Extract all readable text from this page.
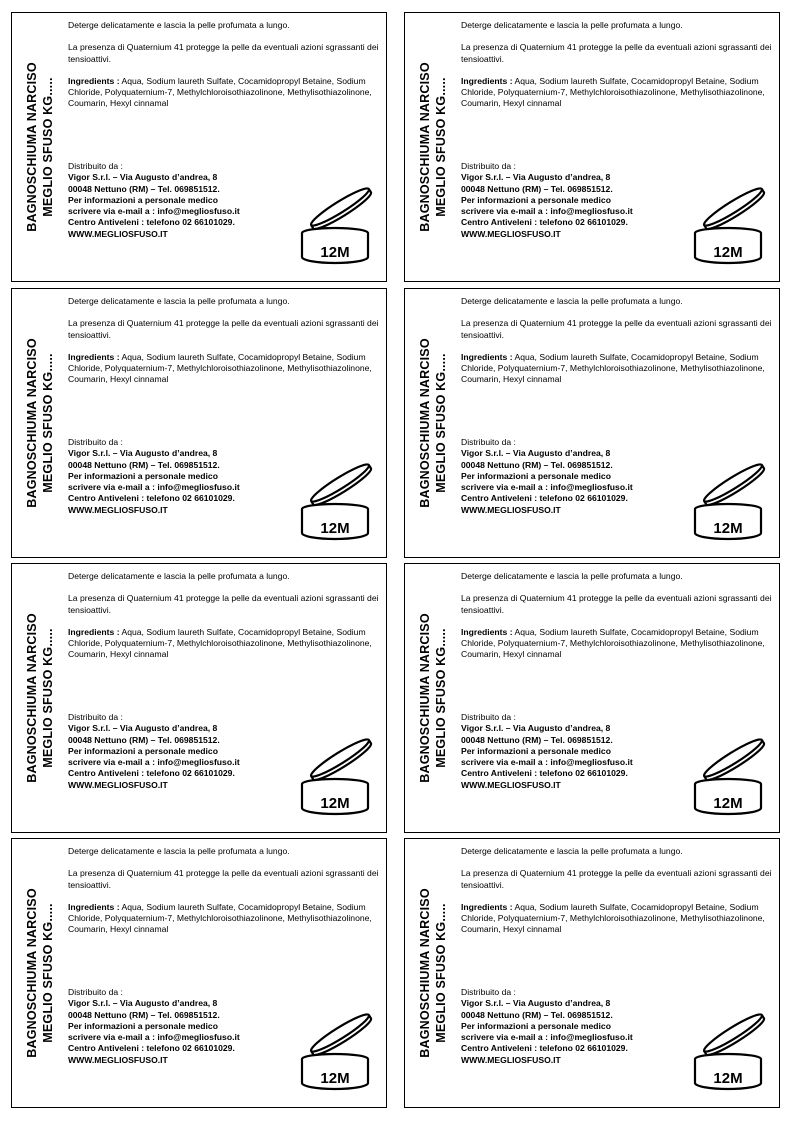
BAGNOSCHIUMA NARCISO MEGLIO SFUSO KG.....

Deterge delicatamente e lascia la pelle profumata a lungo.

La presenza di Quaternium 41 protegge la pelle da eventuali azioni sgrassanti dei tensioattivi.

Ingredients : Aqua, Sodium laureth Sulfate, Cocamidopropyl Betaine, Sodium Chloride, Polyquaternium-7, Methylchloroisothiazolinone, Methylisothiazolinone, Coumarin, Hexyl cinnamal

Distribuito da :
Vigor S.r.l. – Via Augusto d’andrea, 8
00048 Nettuno (RM) – Tel. 069851512.
Per informazioni a personale medico
scrivere via e-mail a : info@megliosfuso.it
Centro Antiveleni : telefono 02 66101029.
WWW.MEGLIOSFUSO.IT
12M
BAGNOSCHIUMA NARCISO MEGLIO SFUSO KG.....

Deterge delicatamente e lascia la pelle profumata a lungo.

La presenza di Quaternium 41 protegge la pelle da eventuali azioni sgrassanti dei tensioattivi.

Ingredients : Aqua, Sodium laureth Sulfate, Cocamidopropyl Betaine, Sodium Chloride, Polyquaternium-7, Methylchloroisothiazolinone, Methylisothiazolinone, Coumarin, Hexyl cinnamal

Distribuito da :
Vigor S.r.l. – Via Augusto d’andrea, 8
00048 Nettuno (RM) – Tel. 069851512.
Per informazioni a personale medico
scrivere via e-mail a : info@megliosfuso.it
Centro Antiveleni : telefono 02 66101029.
WWW.MEGLIOSFUSO.IT
12M
BAGNOSCHIUMA NARCISO MEGLIO SFUSO KG.....

Deterge delicatamente e lascia la pelle profumata a lungo.

La presenza di Quaternium 41 protegge la pelle da eventuali azioni sgrassanti dei tensioattivi.

Ingredients : Aqua, Sodium laureth Sulfate, Cocamidopropyl Betaine, Sodium Chloride, Polyquaternium-7, Methylchloroisothiazolinone, Methylisothiazolinone, Coumarin, Hexyl cinnamal

Distribuito da :
Vigor S.r.l. – Via Augusto d’andrea, 8
00048 Nettuno (RM) – Tel. 069851512.
Per informazioni a personale medico
scrivere via e-mail a : info@megliosfuso.it
Centro Antiveleni : telefono 02 66101029.
WWW.MEGLIOSFUSO.IT
12M
BAGNOSCHIUMA NARCISO MEGLIO SFUSO KG.....

Deterge delicatamente e lascia la pelle profumata a lungo.

La presenza di Quaternium 41 protegge la pelle da eventuali azioni sgrassanti dei tensioattivi.

Ingredients : Aqua, Sodium laureth Sulfate, Cocamidopropyl Betaine, Sodium Chloride, Polyquaternium-7, Methylchloroisothiazolinone, Methylisothiazolinone, Coumarin, Hexyl cinnamal

Distribuito da :
Vigor S.r.l. – Via Augusto d’andrea, 8
00048 Nettuno (RM) – Tel. 069851512.
Per informazioni a personale medico
scrivere via e-mail a : info@megliosfuso.it
Centro Antiveleni : telefono 02 66101029.
WWW.MEGLIOSFUSO.IT
12M
BAGNOSCHIUMA NARCISO MEGLIO SFUSO KG.....

Deterge delicatamente e lascia la pelle profumata a lungo.

La presenza di Quaternium 41 protegge la pelle da eventuali azioni sgrassanti dei tensioattivi.

Ingredients : Aqua, Sodium laureth Sulfate, Cocamidopropyl Betaine, Sodium Chloride, Polyquaternium-7, Methylchloroisothiazolinone, Methylisothiazolinone, Coumarin, Hexyl cinnamal

Distribuito da :
Vigor S.r.l. – Via Augusto d’andrea, 8
00048 Nettuno (RM) – Tel. 069851512.
Per informazioni a personale medico
scrivere via e-mail a : info@megliosfuso.it
Centro Antiveleni : telefono 02 66101029.
WWW.MEGLIOSFUSO.IT
12M
BAGNOSCHIUMA NARCISO MEGLIO SFUSO KG.....

Deterge delicatamente e lascia la pelle profumata a lungo.

La presenza di Quaternium 41 protegge la pelle da eventuali azioni sgrassanti dei tensioattivi.

Ingredients : Aqua, Sodium laureth Sulfate, Cocamidopropyl Betaine, Sodium Chloride, Polyquaternium-7, Methylchloroisothiazolinone, Methylisothiazolinone, Coumarin, Hexyl cinnamal

Distribuito da :
Vigor S.r.l. – Via Augusto d’andrea, 8
00048 Nettuno (RM) – Tel. 069851512.
Per informazioni a personale medico
scrivere via e-mail a : info@megliosfuso.it
Centro Antiveleni : telefono 02 66101029.
WWW.MEGLIOSFUSO.IT
12M
BAGNOSCHIUMA NARCISO MEGLIO SFUSO KG.....

Deterge delicatamente e lascia la pelle profumata a lungo.

La presenza di Quaternium 41 protegge la pelle da eventuali azioni sgrassanti dei tensioattivi.

Ingredients : Aqua, Sodium laureth Sulfate, Cocamidopropyl Betaine, Sodium Chloride, Polyquaternium-7, Methylchloroisothiazolinone, Methylisothiazolinone, Coumarin, Hexyl cinnamal

Distribuito da :
Vigor S.r.l. – Via Augusto d’andrea, 8
00048 Nettuno (RM) – Tel. 069851512.
Per informazioni a personale medico
scrivere via e-mail a : info@megliosfuso.it
Centro Antiveleni : telefono 02 66101029.
WWW.MEGLIOSFUSO.IT
12M
BAGNOSCHIUMA NARCISO MEGLIO SFUSO KG.....

Deterge delicatamente e lascia la pelle profumata a lungo.

La presenza di Quaternium 41 protegge la pelle da eventuali azioni sgrassanti dei tensioattivi.

Ingredients : Aqua, Sodium laureth Sulfate, Cocamidopropyl Betaine, Sodium Chloride, Polyquaternium-7, Methylchloroisothiazolinone, Methylisothiazolinone, Coumarin, Hexyl cinnamal

Distribuito da :
Vigor S.r.l. – Via Augusto d’andrea, 8
00048 Nettuno (RM) – Tel. 069851512.
Per informazioni a personale medico
scrivere via e-mail a : info@megliosfuso.it
Centro Antiveleni : telefono 02 66101029.
WWW.MEGLIOSFUSO.IT
12M
